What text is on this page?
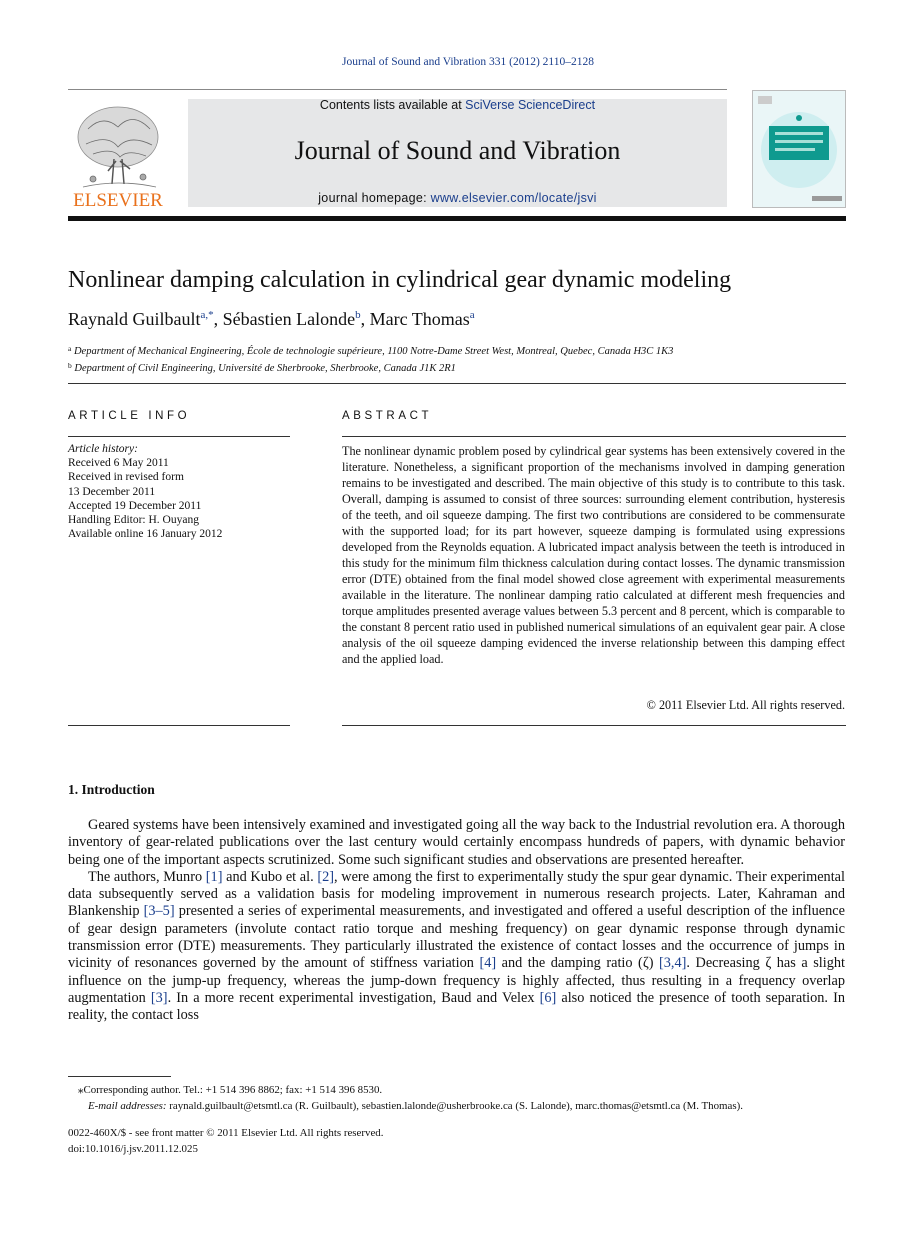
Journal of Sound and Vibration 331 (2012) 2110–2128
ELSEVIER
Contents lists available at SciVerse ScienceDirect
Journal of Sound and Vibration
journal homepage: www.elsevier.com/locate/jsvi
Nonlinear damping calculation in cylindrical gear dynamic modeling
Raynald Guilbault$^{a,*}$, Sébastien Lalonde$^b$, Marc Thomas$^a$
$^a$ Department of Mechanical Engineering, École de technologie supérieure, 1100 Notre-Dame Street West, Montreal, Quebec, Canada H3C 1K3
$^b$ Department of Civil Engineering, Université de Sherbrooke, Sherbrooke, Canada J1K 2R1
ARTICLE INFO	ABSTRACT
Article history:
Received 6 May 2011
Received in revised form
13 December 2011
Accepted 19 December 2011
Handling Editor: H. Ouyang
Available online 16 January 2012
The nonlinear dynamic problem posed by cylindrical gear systems has been extensively covered in the literature. Nonetheless, a significant proportion of the mechanisms involved in damping generation remains to be investigated and described. The main objective of this study is to contribute to this task. Overall, damping is assumed to consist of three sources: surrounding element contribution, hysteresis of the teeth, and oil squeeze damping. The first two contributions are considered to be commensurate with the supported load; for its part however, squeeze damping is formulated using expressions developed from the Reynolds equation. A lubricated impact analysis between the teeth is introduced in this study for the minimum film thickness calculation during contact losses. The dynamic transmission error (DTE) obtained from the final model showed close agreement with experimental measurements available in the literature. The nonlinear damping ratio calculated at different mesh frequencies and torque amplitudes presented average values between 5.3 percent and 8 percent, which is comparable to the constant 8 percent ratio used in published numerical simulations of an equivalent gear pair. A close analysis of the oil squeeze damping evidenced the inverse relationship between this damping effect and the applied load.
© 2011 Elsevier Ltd. All rights reserved.
1. Introduction

Geared systems have been intensively examined and investigated going all the way back to the Industrial revolution era. A thorough inventory of gear-related publications over the last century would certainly encompass hundreds of papers, with dynamic behavior being one of the important aspects scrutinized. Some such significant studies and observations are presented hereafter.

The authors, Munro [1] and Kubo et al. [2], were among the first to experimentally study the spur gear dynamic. Their experimental data subsequently served as a validation basis for modeling improvement in numerous research projects. Later, Kahraman and Blankenship [3–5] presented a series of experimental measurements, and investigated and offered a useful description of the influence of gear design parameters (involute contact ratio torque and meshing frequency) on gear dynamic response through dynamic transmission error (DTE) measurements. They particularly illustrated the existence of contact losses and the occurrence of jumps in vicinity of resonances governed by the amount of stiffness variation [4] and the damping ratio (ζ) [3,4]. Decreasing ζ has a slight influence on the jump-up frequency, whereas the jump-down frequency is highly affected, thus resulting in a frequency overlap augmentation [3]. In a more recent experimental investigation, Baud and Velex [6] also noticed the presence of tooth separation. In reality, the contact loss

⁎Corresponding author. Tel.: +1 514 396 8862; fax: +1 514 396 8530.
E-mail addresses: raynald.guilbault@etsmtl.ca (R. Guilbault), sebastien.lalonde@usherbrooke.ca (S. Lalonde), marc.thomas@etsmtl.ca (M. Thomas).
0022-460X/$ - see front matter © 2011 Elsevier Ltd. All rights reserved.
doi:10.1016/j.jsv.2011.12.025
